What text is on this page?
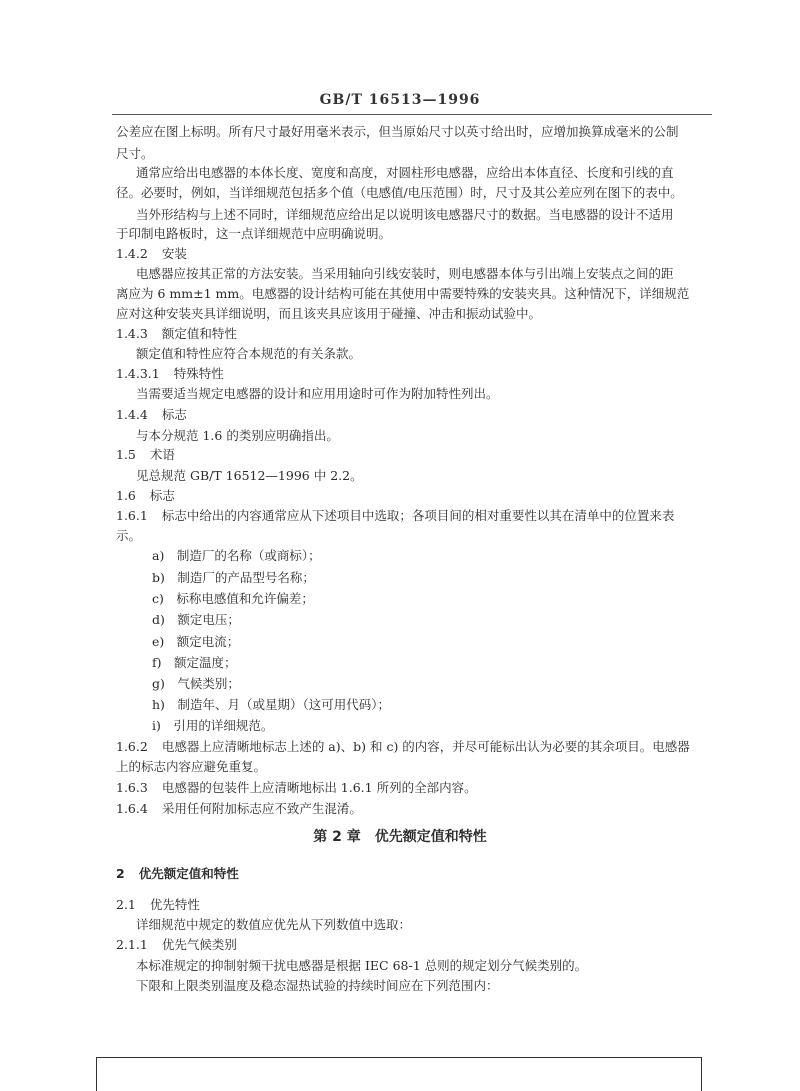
GB/T 16513—1996
公差应在图上标明。所有尺寸最好用毫米表示，但当原始尺寸以英寸给出时，应增加换算成毫米的公制
尺寸。
通常应给出电感器的本体长度、宽度和高度，对圆柱形电感器，应给出本体直径、长度和引线的直
径。必要时，例如，当详细规范包括多个值（电感值/电压范围）时，尺寸及其公差应列在图下的表中。
当外形结构与上述不同时，详细规范应给出足以说明该电感器尺寸的数据。当电感器的设计不适用
于印制电路板时，这一点详细规范中应明确说明。
1.4.2 安装
电感器应按其正常的方法安装。当采用轴向引线安装时，则电感器本体与引出端上安装点之间的距
离应为 6 mm±1 mm。电感器的设计结构可能在其使用中需要特殊的安装夹具。这种情况下，详细规范
应对这种安装夹具详细说明，而且该夹具应该用于碰撞、冲击和振动试验中。
1.4.3 额定值和特性
额定值和特性应符合本规范的有关条款。
1.4.3.1 特殊特性
当需要适当规定电感器的设计和应用用途时可作为附加特性列出。
1.4.4 标志
与本分规范 1.6 的类别应明确指出。
1.5 术语
见总规范 GB/T 16512—1996 中 2.2。
1.6 标志
1.6.1 标志中给出的内容通常应从下述项目中选取；各项目间的相对重要性以其在清单中的位置来表
示。
a)　 制造厂的名称（或商标）；
b)　 制造厂的产品型号名称；
c)　 标称电感值和允许偏差；
d)　 额定电压；
e)　 额定电流；
f)　 额定温度；
g)　 气候类别；
h)　 制造年、月（或星期）（这可用代码）；
i)　 引用的详细规范。
1.6.2 电感器上应清晰地标志上述的 a)、b) 和 c) 的内容，并尽可能标出认为必要的其余项目。电感器
上的标志内容应避免重复。
1.6.3 电感器的包装件上应清晰地标出 1.6.1 所列的全部内容。
1.6.4 采用任何附加标志应不致产生混淆。
第 2 章　优先额定值和特性
2 优先额定值和特性
2.1 优先特性
详细规范中规定的数值应优先从下列数值中选取：
2.1.1 优先气候类别
本标准规定的抑制射频干扰电感器是根据 IEC 68-1 总则的规定划分气候类别的。
下限和上限类别温度及稳态湿热试验的持续时间应在下列范围内：
